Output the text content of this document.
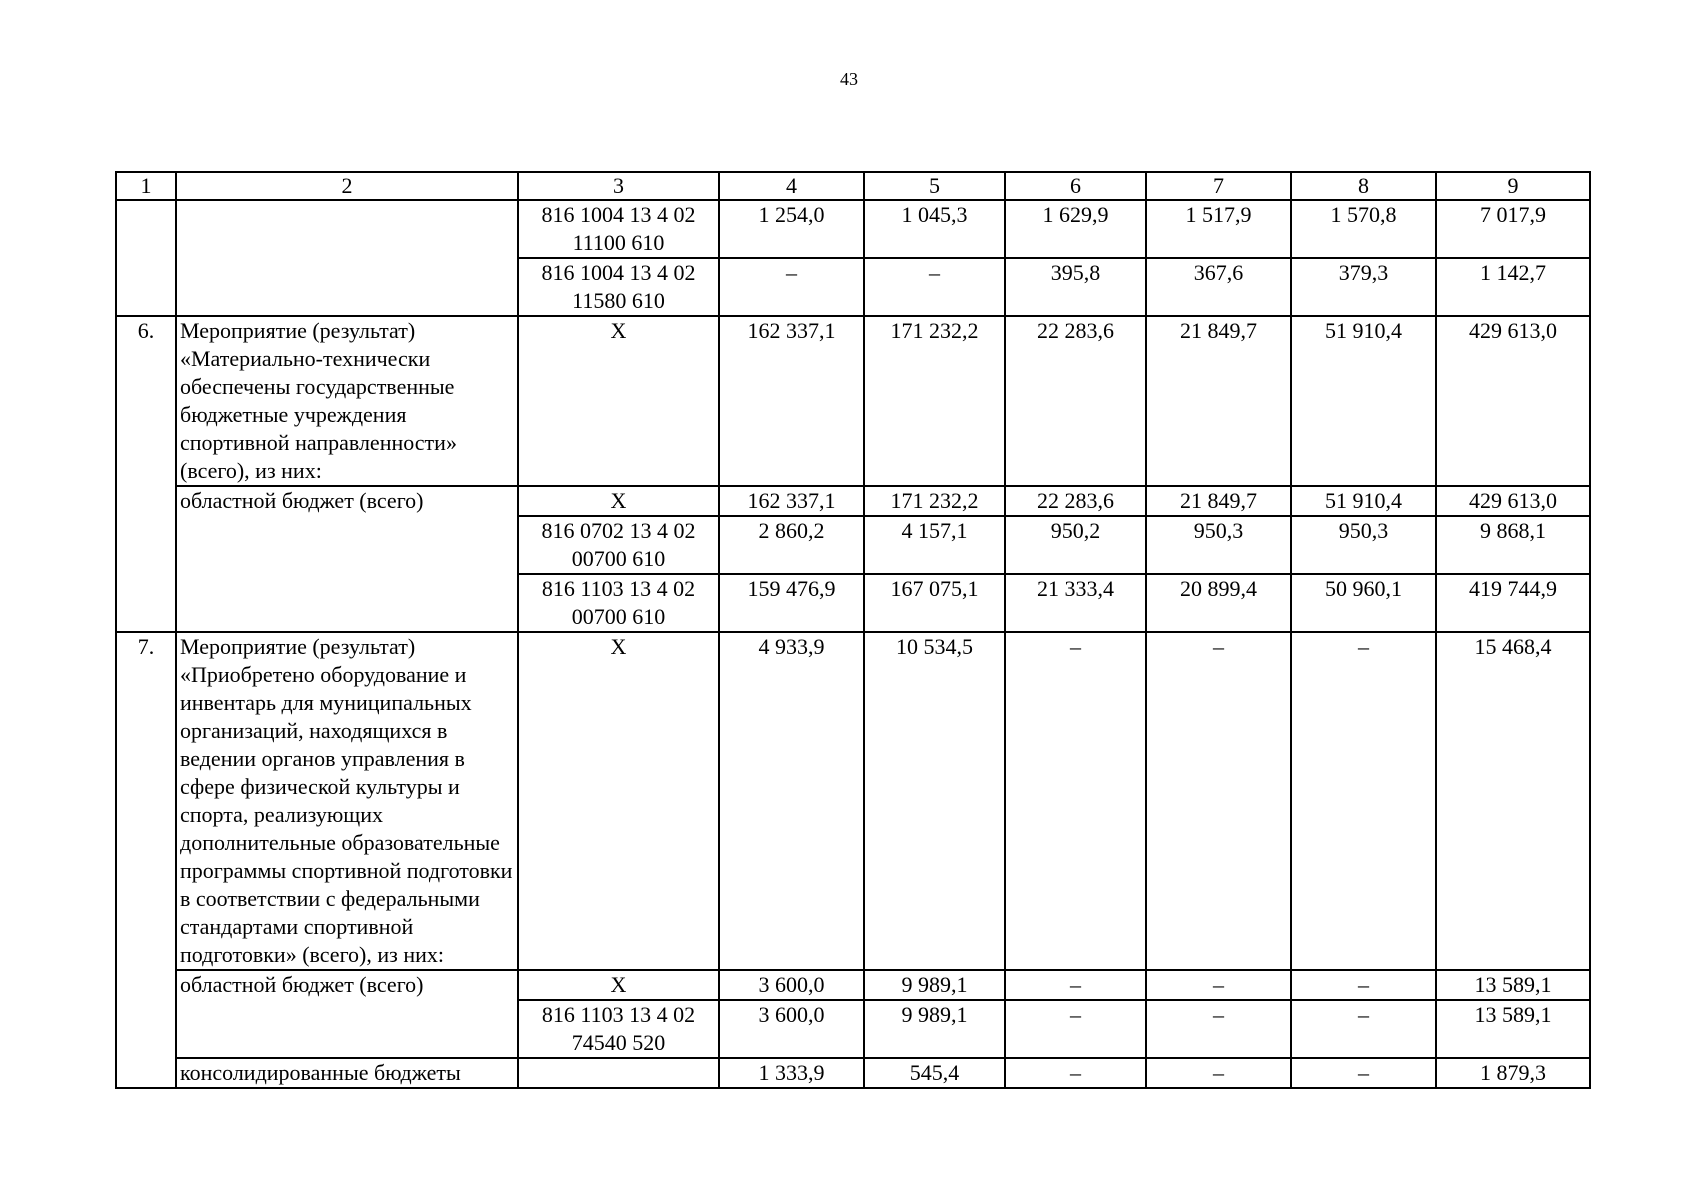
43
1	2	3	4	5	6	7	8	9
		816 1004 13 4 02 11100 610	1 254,0	1 045,3	1 629,9	1 517,9	1 570,8	7 017,9
		816 1004 13 4 02 11580 610	–	–	395,8	367,6	379,3	1 142,7
6.	Мероприятие (результат) «Материально-технически обеспечены государственные бюджетные учреждения спортивной направленности» (всего), из них:	Х	162 337,1	171 232,2	22 283,6	21 849,7	51 910,4	429 613,0
	областной бюджет (всего)	Х	162 337,1	171 232,2	22 283,6	21 849,7	51 910,4	429 613,0
		816 0702 13 4 02 00700 610	2 860,2	4 157,1	950,2	950,3	950,3	9 868,1
		816 1103 13 4 02 00700 610	159 476,9	167 075,1	21 333,4	20 899,4	50 960,1	419 744,9
7.	Мероприятие (результат) «Приобретено оборудование и инвентарь для муниципальных организаций, находящихся в ведении органов управления в сфере физической культуры и спорта, реализующих дополнительные образовательные программы спортивной подготовки в соответствии с федеральными стандартами спортивной подготовки» (всего), из них:	Х	4 933,9	10 534,5	–	–	–	15 468,4
	областной бюджет (всего)	Х	3 600,0	9 989,1	–	–	–	13 589,1
		816 1103 13 4 02 74540 520	3 600,0	9 989,1	–	–	–	13 589,1
	консолидированные бюджеты		1 333,9	545,4	–	–	–	1 879,3
